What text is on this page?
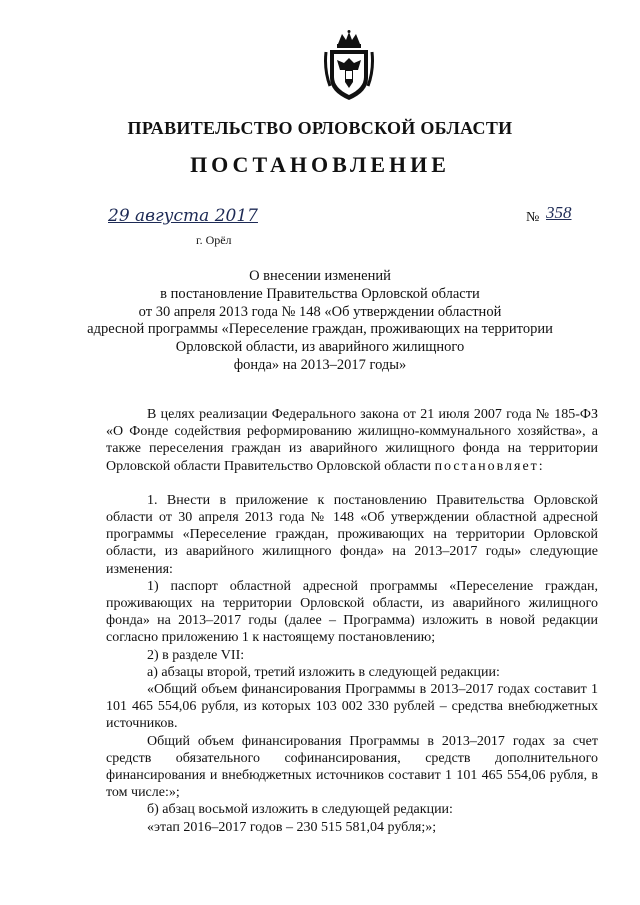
ПРАВИТЕЛЬСТВО ОРЛОВСКОЙ ОБЛАСТИ
ПОСТАНОВЛЕНИЕ
29 августа 2017
г. Орёл
№ 358
О внесении изменений
в постановление Правительства Орловской области
от 30 апреля 2013 года № 148 «Об утверждении областной
адресной программы «Переселение граждан, проживающих на территории
Орловской области, из аварийного жилищного
фонда» на 2013–2017 годы»

В целях реализации Федерального закона от 21 июля 2007 года № 185-ФЗ «О Фонде содействия реформированию жилищно-коммунального хозяйства», а также переселения граждан из аварийного жилищного фонда на территории Орловской области Правительство Орловской области постановляет:

1. Внести в приложение к постановлению Правительства Орловской области от 30 апреля 2013 года № 148 «Об утверждении областной адресной программы «Переселение граждан, проживающих на территории Орловской области, из аварийного жилищного фонда» на 2013–2017 годы» следующие изменения:

1) паспорт областной адресной программы «Переселение граждан, проживающих на территории Орловской области, из аварийного жилищного фонда» на 2013–2017 годы (далее – Программа) изложить в новой редакции согласно приложению 1 к настоящему постановлению;

2) в разделе VII:

а) абзацы второй, третий изложить в следующей редакции:

«Общий объем финансирования Программы в 2013–2017 годах составит 1 101 465 554,06 рубля, из которых 103 002 330 рублей – средства внебюджетных источников.

Общий объем финансирования Программы в 2013–2017 годах за счет средств обязательного софинансирования, средств дополнительного финансирования и внебюджетных источников составит 1 101 465 554,06 рубля, в том числе:»;

б) абзац восьмой изложить в следующей редакции:

«этап 2016–2017 годов – 230 515 581,04 рубля;»;
